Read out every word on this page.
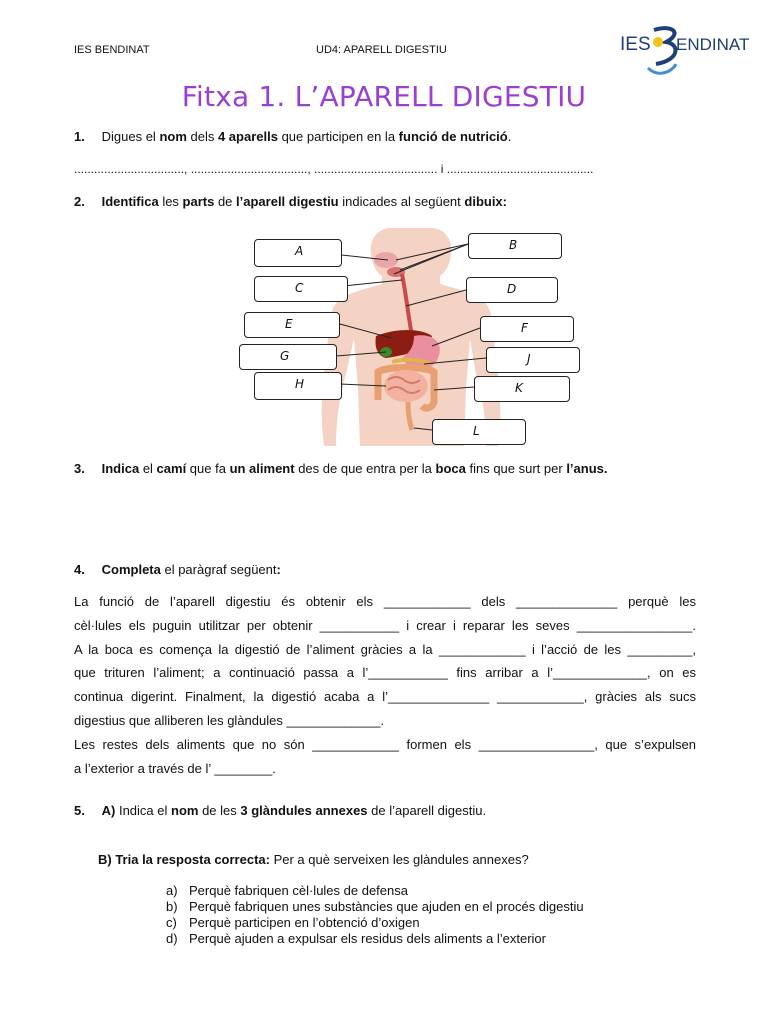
IES BENDINAT	UD4: APARELL DIGESTIU	IES ENDINAT
Fitxa 1. L’APARELL DIGESTIU
1. Digues el nom dels 4 aparells que participen en la funció de nutrició.
................................., ..................................., ..................................... i ............................................
2. Identifica les parts de l’aparell digestiu indicades al següent dibuix:
A	B
C	D
E	F
G	J
H	K
L
3. Indica el camí que fa un aliment des de que entra per la boca fins que surt per l’anus.
4. Completa el paràgraf següent:
La funció de l’aparell digestiu és obtenir els ____________ dels ______________ perquè les
cèl·lules els puguin utilitzar per obtenir ___________ i crear i reparar les seves ________________.
A la boca es comença la digestió de l’aliment gràcies a la ____________ i l’acció de les _________,
que trituren l’aliment; a continuació passa a l’___________ fins arribar a l’_____________, on es
continua digerint. Finalment, la digestió acaba a l’______________ ____________, gràcies als sucs
digestius que alliberen les glàndules _____________.
Les restes dels aliments que no són ____________ formen els ________________, que s’expulsen
a l’exterior a través de l’ ________.
5. A) Indica el nom de les 3 glàndules annexes de l’aparell digestiu.
B) Tria la resposta correcta: Per a què serveixen les glàndules annexes?
a) Perquè fabriquen cèl·lules de defensa
b) Perquè fabriquen unes substàncies que ajuden en el procés digestiu
c) Perquè participen en l’obtenció d’oxigen
d) Perquè ajuden a expulsar els residus dels aliments a l’exterior
